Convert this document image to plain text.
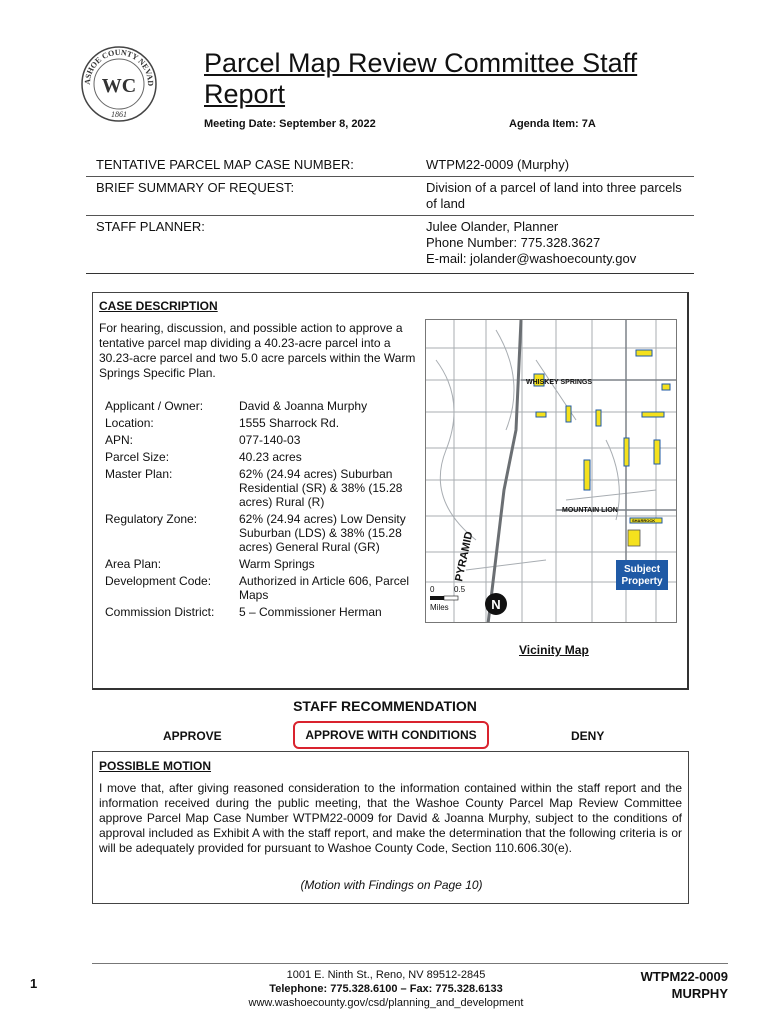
ASHOE COUNTY NEVAD
WC
1861
Parcel Map Review Committee Staff Report
Meeting Date: September 8, 2022	Agenda Item: 7A
TENTATIVE PARCEL MAP CASE NUMBER:	WTPM22-0009 (Murphy)
BRIEF SUMMARY OF REQUEST:	Division of a parcel of land into three parcels of land
STAFF PLANNER:	Julee Olander, Planner
Phone Number: 775.328.3627
E-mail: jolander@washoecounty.gov
CASE DESCRIPTION
For hearing, discussion, and possible action to approve a tentative parcel map dividing a 40.23-acre parcel into a 30.23-acre parcel and two 5.0 acre parcels within the Warm Springs Specific Plan.
Applicant / Owner:	David & Joanna Murphy
Location:	1555 Sharrock Rd.
APN:	077-140-03
Parcel Size:	40.23 acres
Master Plan:	62% (24.94 acres) Suburban Residential (SR) & 38% (15.28 acres) Rural (R)
Regulatory Zone:	62% (24.94 acres) Low Density Suburban (LDS) & 38% (15.28 acres) General Rural (GR)
Area Plan:	Warm Springs
Development Code:	Authorized in Article 606, Parcel Maps
Commission District:	5 – Commissioner Herman
WHISKEY SPRINGS
MOUNTAIN LION
SHARROCK
PYRAMID	Subject
Property
0 0.5
Miles	N
Vicinity Map
STAFF RECOMMENDATION
APPROVE	APPROVE WITH CONDITIONS	DENY
POSSIBLE MOTION
I move that, after giving reasoned consideration to the information contained within the staff report and the information received during the public meeting, that the Washoe County Parcel Map Review Committee approve Parcel Map Case Number WTPM22-0009 for David & Joanna Murphy, subject to the conditions of approval included as Exhibit A with the staff report, and make the determination that the following criteria is or will be adequately provided for pursuant to Washoe County Code, Section 110.606.30(e).
(Motion with Findings on Page 10)
1
1001 E. Ninth St., Reno, NV 89512-2845
Telephone: 775.328.6100 – Fax: 775.328.6133
www.washoecounty.gov/csd/planning_and_development
WTPM22-0009
MURPHY
